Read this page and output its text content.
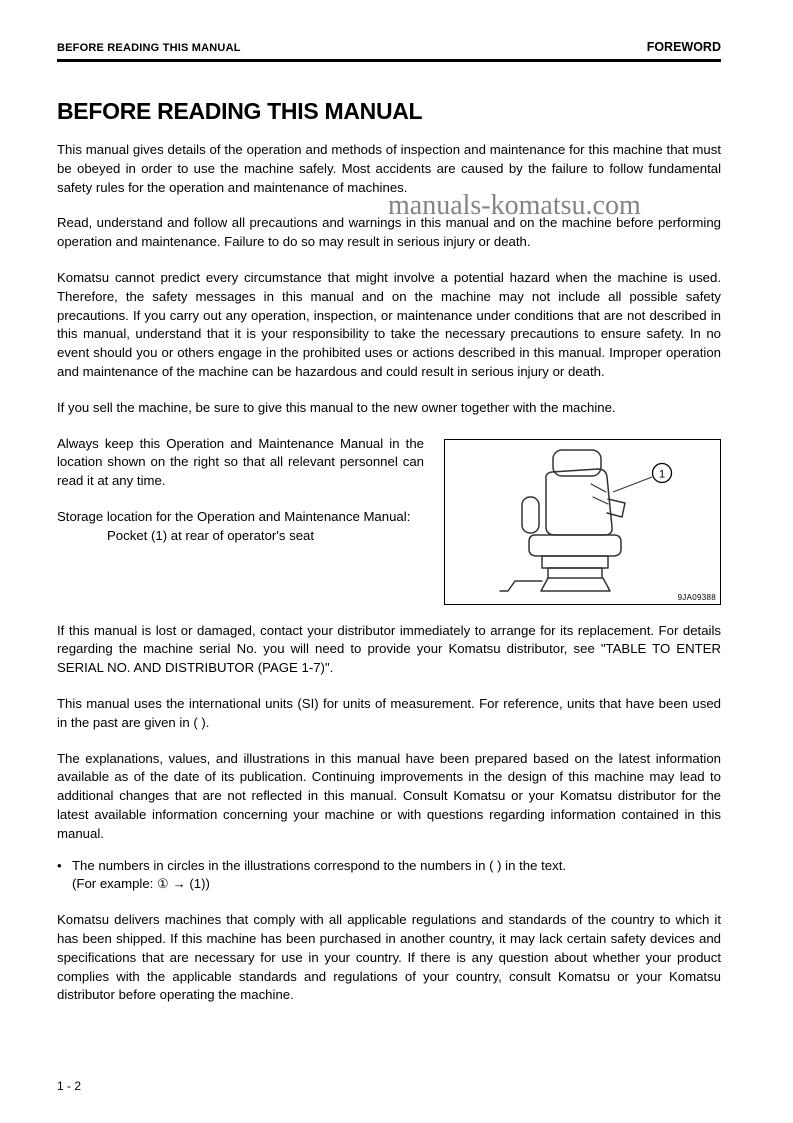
BEFORE READING THIS MANUAL	FOREWORD
manuals-komatsu.com
BEFORE READING THIS MANUAL

This manual gives details of the operation and methods of inspection and maintenance for this machine that must be obeyed in order to use the machine safely. Most accidents are caused by the failure to follow fundamental safety rules for the operation and maintenance of machines.

Read, understand and follow all precautions and warnings in this manual and on the machine before performing operation and maintenance. Failure to do so may result in serious injury or death.

Komatsu cannot predict every circumstance that might involve a potential hazard when the machine is used. Therefore, the safety messages in this manual and on the machine may not include all possible safety precautions. If you carry out any operation, inspection, or maintenance under conditions that are not described in this manual, understand that it is your responsibility to take the necessary precautions to ensure safety. In no event should you or others engage in the prohibited uses or actions described in this manual. Improper operation and maintenance of the machine can be hazardous and could result in serious injury or death.

If you sell the machine, be sure to give this manual to the new owner together with the machine.

1
9JA09388

Always keep this Operation and Maintenance Manual in the location shown on the right so that all relevant personnel can read it at any time.

Storage location for the Operation and Maintenance Manual:

Pocket (1) at rear of operator's seat

If this manual is lost or damaged, contact your distributor immediately to arrange for its replacement. For details regarding the machine serial No. you will need to provide your Komatsu distributor, see "TABLE TO ENTER SERIAL NO. AND DISTRIBUTOR (PAGE 1-7)".

This manual uses the international units (SI) for units of measurement. For reference, units that have been used in the past are given in ( ).

The explanations, values, and illustrations in this manual have been prepared based on the latest information available as of the date of its publication. Continuing improvements in the design of this machine may lead to additional changes that are not reflected in this manual. Consult Komatsu or your Komatsu distributor for the latest available information concerning your machine or with questions regarding information contained in this manual.

• The numbers in circles in the illustrations correspond to the numbers in ( ) in the text.

(For example: ① → (1))

Komatsu delivers machines that comply with all applicable regulations and standards of the country to which it has been shipped. If this machine has been purchased in another country, it may lack certain safety devices and specifications that are necessary for use in your country. If there is any question about whether your product complies with the applicable standards and regulations of your country, consult Komatsu or your Komatsu distributor before operating the machine.

1 - 2
